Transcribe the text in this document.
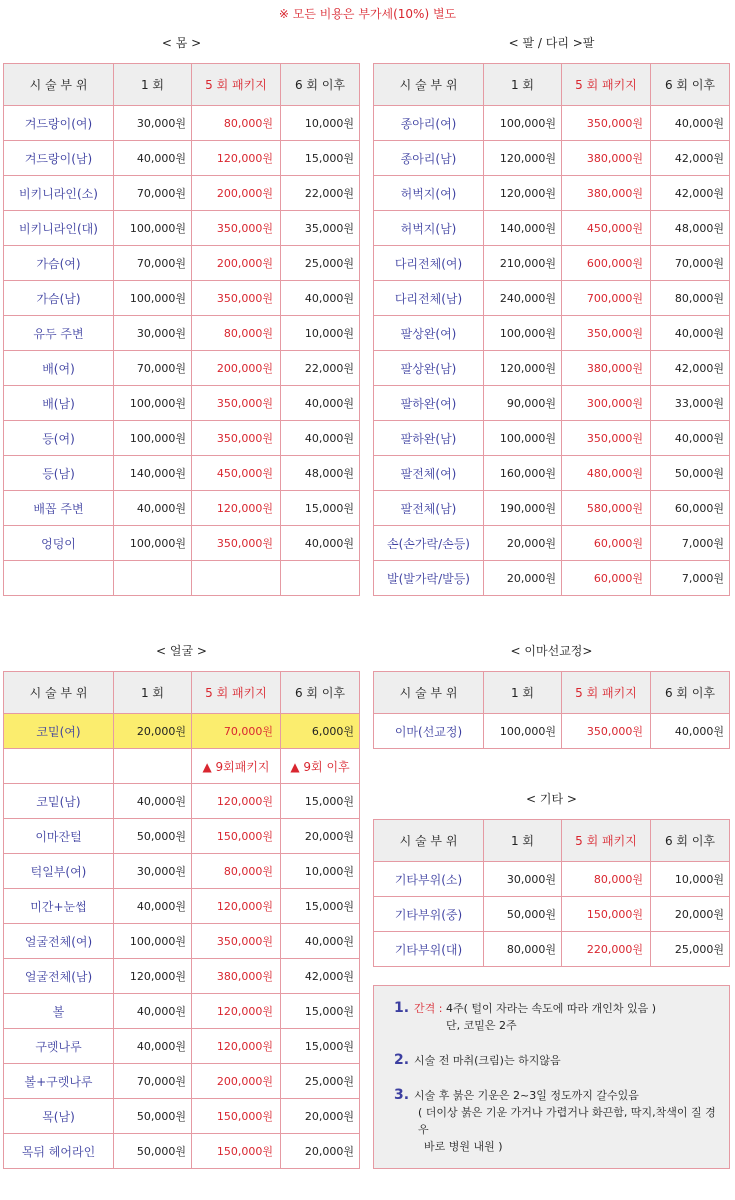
※ 모든 비용은 부가세(10%) 별도
< 몸 >
시 술 부 위	1 회	5 회 패키지	6 회 이후
겨드랑이(여)	30,000원	80,000원	10,000원
겨드랑이(남)	40,000원	120,000원	15,000원
비키니라인(소)	70,000원	200,000원	22,000원
비키니라인(대)	100,000원	350,000원	35,000원
가슴(여)	70,000원	200,000원	25,000원
가슴(남)	100,000원	350,000원	40,000원
유두 주변	30,000원	80,000원	10,000원
배(여)	70,000원	200,000원	22,000원
배(남)	100,000원	350,000원	40,000원
등(여)	100,000원	350,000원	40,000원
등(남)	140,000원	450,000원	48,000원
배꼽 주변	40,000원	120,000원	15,000원
엉덩이	100,000원	350,000원	40,000원

< 팔 / 다리 >팔
시 술 부 위	1 회	5 회 패키지	6 회 이후
종아리(여)	100,000원	350,000원	40,000원
종아리(남)	120,000원	380,000원	42,000원
허벅지(여)	120,000원	380,000원	42,000원
허벅지(남)	140,000원	450,000원	48,000원
다리전체(여)	210,000원	600,000원	70,000원
다리전체(남)	240,000원	700,000원	80,000원
팔상완(여)	100,000원	350,000원	40,000원
팔상완(남)	120,000원	380,000원	42,000원
팔하완(여)	90,000원	300,000원	33,000원
팔하완(남)	100,000원	350,000원	40,000원
팔전체(여)	160,000원	480,000원	50,000원
팔전체(남)	190,000원	580,000원	60,000원
손(손가락/손등)	20,000원	60,000원	7,000원
발(발가락/발등)	20,000원	60,000원	7,000원
< 얼굴 >
시 술 부 위	1 회	5 회 패키지	6 회 이후
코밑(여)	20,000원	70,000원	6,000원
		▲ 9회패키지	▲ 9회 이후
코밑(남)	40,000원	120,000원	15,000원
이마잔털	50,000원	150,000원	20,000원
턱일부(여)	30,000원	80,000원	10,000원
미간+눈썹	40,000원	120,000원	15,000원
얼굴전체(여)	100,000원	350,000원	40,000원
얼굴전체(남)	120,000원	380,000원	42,000원
볼	40,000원	120,000원	15,000원
구렛나루	40,000원	120,000원	15,000원
볼+구렛나루	70,000원	200,000원	25,000원
목(남)	50,000원	150,000원	20,000원
목뒤 헤어라인	50,000원	150,000원	20,000원
< 이마선교정>
시 술 부 위	1 회	5 회 패키지	6 회 이후
이마(선교정)	100,000원	350,000원	40,000원
< 기타 >
시 술 부 위	1 회	5 회 패키지	6 회 이후
기타부위(소)	30,000원	80,000원	10,000원
기타부위(중)	50,000원	150,000원	20,000원
기타부위(대)	80,000원	220,000원	25,000원
1. 간격 : 4주( 털이 자라는 속도에 따라 개인차 있음 )
단, 코밑은 2주
2. 시술 전 마취(크림)는 하지않음
3. 시술 후 붉은 기운은 2~3일 정도까지 갈수있음
( 더이상 붉은 기운 가거나 가렵거나 화끈함, 딱지,착색이 질 경우
바로 병원 내원 )
